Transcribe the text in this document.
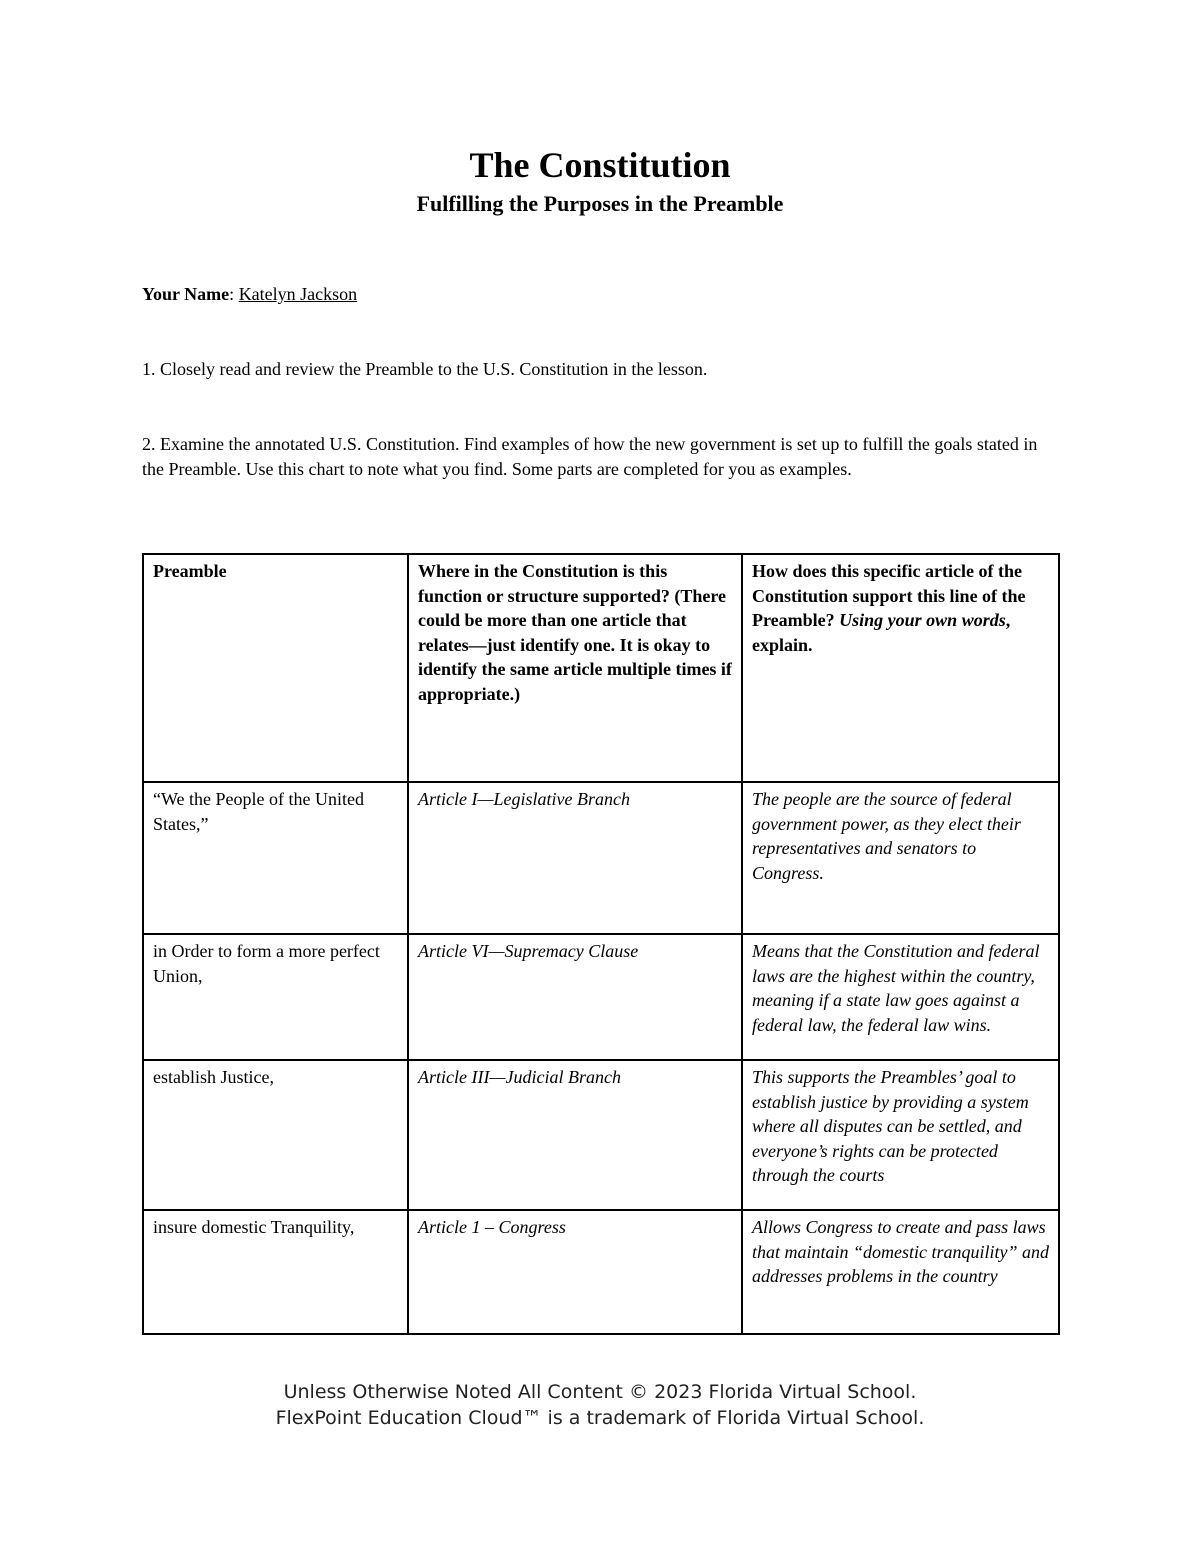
The Constitution
Fulfilling the Purposes in the Preamble
Your Name: Katelyn Jackson
1. Closely read and review the Preamble to the U.S. Constitution in the lesson.
2. Examine the annotated U.S. Constitution. Find examples of how the new government is set up to fulfill the goals stated in the Preamble. Use this chart to note what you find. Some parts are completed for you as examples.
Preamble	Where in the Constitution is this function or structure supported? (There could be more than one article that relates—just identify one. It is okay to identify the same article multiple times if appropriate.)	How does this specific article of the Constitution support this line of the Preamble? Using your own words, explain.
“We the People of the United States,”	Article I—Legislative Branch	The people are the source of federal government power, as they elect their representatives and senators to Congress.
in Order to form a more perfect Union,	Article VI—Supremacy Clause	Means that the Constitution and federal laws are the highest within the country, meaning if a state law goes against a federal law, the federal law wins.
establish Justice,	Article III—Judicial Branch	This supports the Preambles’ goal to establish justice by providing a system where all disputes can be settled, and everyone’s rights can be protected through the courts
insure domestic Tranquility,	Article 1 – Congress	Allows Congress to create and pass laws that maintain “domestic tranquility” and addresses problems in the country
Unless Otherwise Noted All Content © 2023 Florida Virtual School.
FlexPoint Education Cloud™ is a trademark of Florida Virtual School.
